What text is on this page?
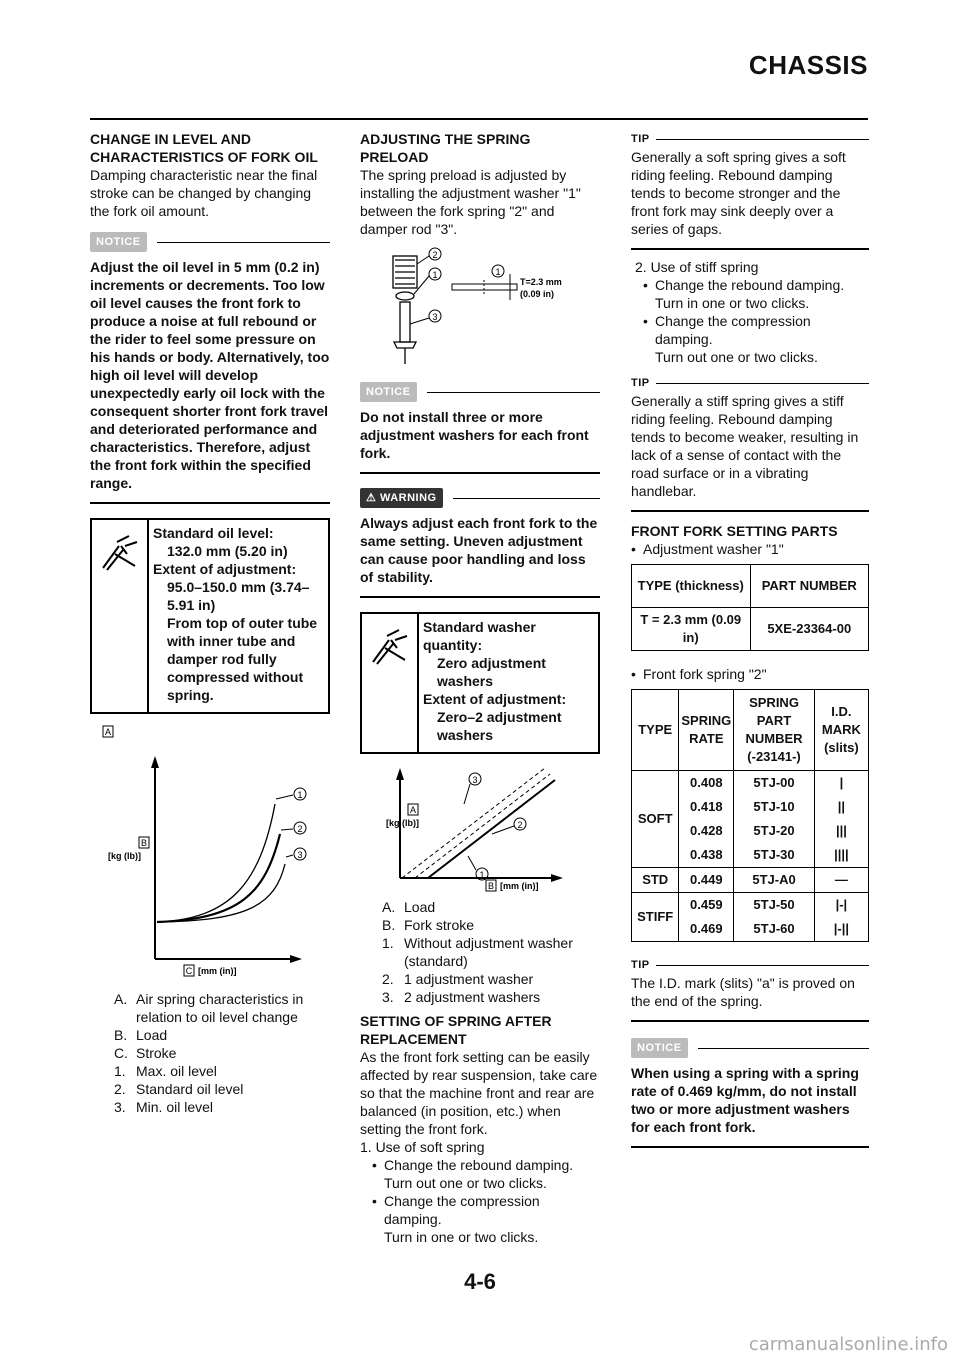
CHASSIS

CHANGE IN LEVEL AND CHARACTERISTICS OF FORK OIL

Damping characteristic near the final stroke can be changed by changing the fork oil amount.

NOTICE

Adjust the oil level in 5 mm (0.2 in) increments or decrements. Too low oil level causes the front fork to produce a noise at full rebound or the rider to feel some pressure on his hands or body. Alternatively, too high oil level will develop unexpectedly early oil lock with the consequent shorter front fork travel and deteriorated performance and characteristics. Therefore, adjust the front fork within the specified range.

Standard oil level:
132.0 mm (5.20 in)
Extent of adjustment:
95.0–150.0 mm (3.74–5.91 in)
From top of outer tube with inner tube and damper rod fully compressed without spring.
A
1
2
3
B
[kg (lb)]
C [mm (in)]
A. Air spring characteristics in relation to oil level change
B. Load
C. Stroke
1. Max. oil level
2. Standard oil level
3. Min. oil level

ADJUSTING THE SPRING PRELOAD

The spring preload is adjusted by installing the adjustment washer "1" between the fork spring "2" and damper rod "3".

2
1
3
1
T=2.3 mm
(0.09 in)
NOTICE

Do not install three or more adjustment washers for each front fork.

⚠ WARNING

Always adjust each front fork to the same setting. Uneven adjustment can cause poor handling and loss of stability.

Standard washer quantity:
Zero adjustment washers
Extent of adjustment:
Zero–2 adjustment washers
3
2
1
A
[kg (lb)]
B [mm (in)]
A. Load
B. Fork stroke
1. Without adjustment washer (standard)
2. 1 adjustment washer
3. 2 adjustment washers

SETTING OF SPRING AFTER REPLACEMENT

As the front fork setting can be easily affected by rear suspension, take care so that the machine front and rear are balanced (in position, etc.) when setting the front fork.

1. Use of soft spring

• Change the rebound damping.
Turn out one or two clicks.
• Change the compression damping.
Turn in one or two clicks.
TIP

Generally a soft spring gives a soft riding feeling. Rebound damping tends to become stronger and the front fork may sink deeply over a series of gaps.

2. Use of stiff spring

• Change the rebound damping.
Turn in one or two clicks.
• Change the compression damping.
Turn out one or two clicks.
TIP

Generally a stiff spring gives a stiff riding feeling. Rebound damping tends to become weaker, resulting in lack of a sense of contact with the road surface or in a vibrating handlebar.

FRONT FORK SETTING PARTS

• Adjustment washer "1"
TYPE (thickness)	PART NUMBER
T = 2.3 mm (0.09 in)	5XE-23364-00
• Front fork spring "2"
TYPE	SPRING RATE	SPRING PART NUMBER (-23141-)	I.D. MARK (slits)
SOFT	0.408	5TJ-00	|
	0.418	5TJ-10	||
	0.428	5TJ-20	|||
	0.438	5TJ-30	||||
STD	0.449	5TJ-A0	—
STIFF	0.459	5TJ-50	|-|
	0.469	5TJ-60	|-||
TIP

The I.D. mark (slits) "a" is proved on the end of the spring.

NOTICE

When using a spring with a spring rate of 0.469 kg/mm, do not install two or more adjustment washers for each front fork.

4-6
carmanualsonline.info
